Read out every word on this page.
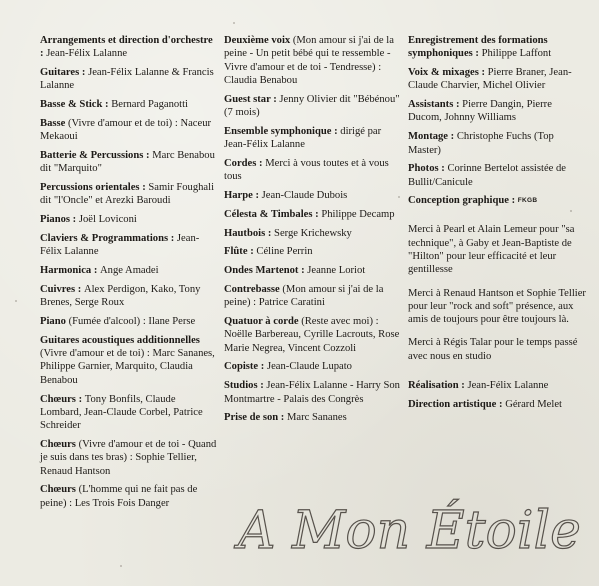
Arrangements et direction d'orchestre : Jean-Félix Lalanne
Guitares : Jean-Félix Lalanne & Francis Lalanne
Basse & Stick : Bernard Paganotti
Basse (Vivre d'amour et de toi) : Naceur Mekaoui
Batterie & Percussions : Marc Benabou dit "Marquito"
Percussions orientales : Samir Foughali dit "l'Oncle" et Arezki Baroudi
Pianos : Joël Loviconi
Claviers & Programmations : Jean-Félix Lalanne
Harmonica : Ange Amadei
Cuivres : Alex Perdigon, Kako, Tony Brenes, Serge Roux
Piano (Fumée d'alcool) : Ilane Perse
Guitares acoustiques additionnelles (Vivre d'amour et de toi) : Marc Sananes, Philippe Garnier, Marquito, Claudia Benabou
Chœurs : Tony Bonfils, Claude Lombard, Jean-Claude Corbel, Patrice Schreider
Chœurs (Vivre d'amour et de toi - Quand je suis dans tes bras) : Sophie Tellier, Renaud Hantson
Chœurs (L'homme qui ne fait pas de peine) : Les Trois Fois Danger
Deuxième voix (Mon amour si j'ai de la peine - Un petit bébé qui te ressemble - Vivre d'amour et de toi - Tendresse) : Claudia Benabou
Guest star : Jenny Olivier dit "Bébénou" (7 mois)
Ensemble symphonique : dirigé par Jean-Félix Lalanne
Cordes : Merci à vous toutes et à vous tous
Harpe : Jean-Claude Dubois
Célesta & Timbales : Philippe Decamp
Hautbois : Serge Krichewsky
Flûte : Céline Perrin
Ondes Martenot : Jeanne Loriot
Contrebasse (Mon amour si j'ai de la peine) : Patrice Caratini
Quatuor à corde (Reste avec moi) : Noëlle Barbereau, Cyrille Lacrouts, Rose Marie Negrea, Vincent Cozzoli
Copiste : Jean-Claude Lupato
Studios : Jean-Félix Lalanne - Harry Son Montmartre - Palais des Congrès
Prise de son : Marc Sananes
Enregistrement des formations symphoniques : Philippe Laffont
Voix & mixages : Pierre Braner, Jean-Claude Charvier, Michel Olivier
Assistants : Pierre Dangin, Pierre Ducom, Johnny Williams
Montage : Christophe Fuchs (Top Master)
Photos : Corinne Bertelot assistée de Bullit/Canicule
Conception graphique : FKGB
Merci à Pearl et Alain Lemeur pour "sa technique", à Gaby et Jean-Baptiste de "Hilton" pour leur efficacité et leur gentillesse
Merci à Renaud Hantson et Sophie Tellier pour leur "rock and soft" présence, aux amis de toujours pour être toujours là.
Merci à Régis Talar pour le temps passé avec nous en studio
Réalisation : Jean-Félix Lalanne
Direction artistique : Gérard Melet
A Mon Étoile
